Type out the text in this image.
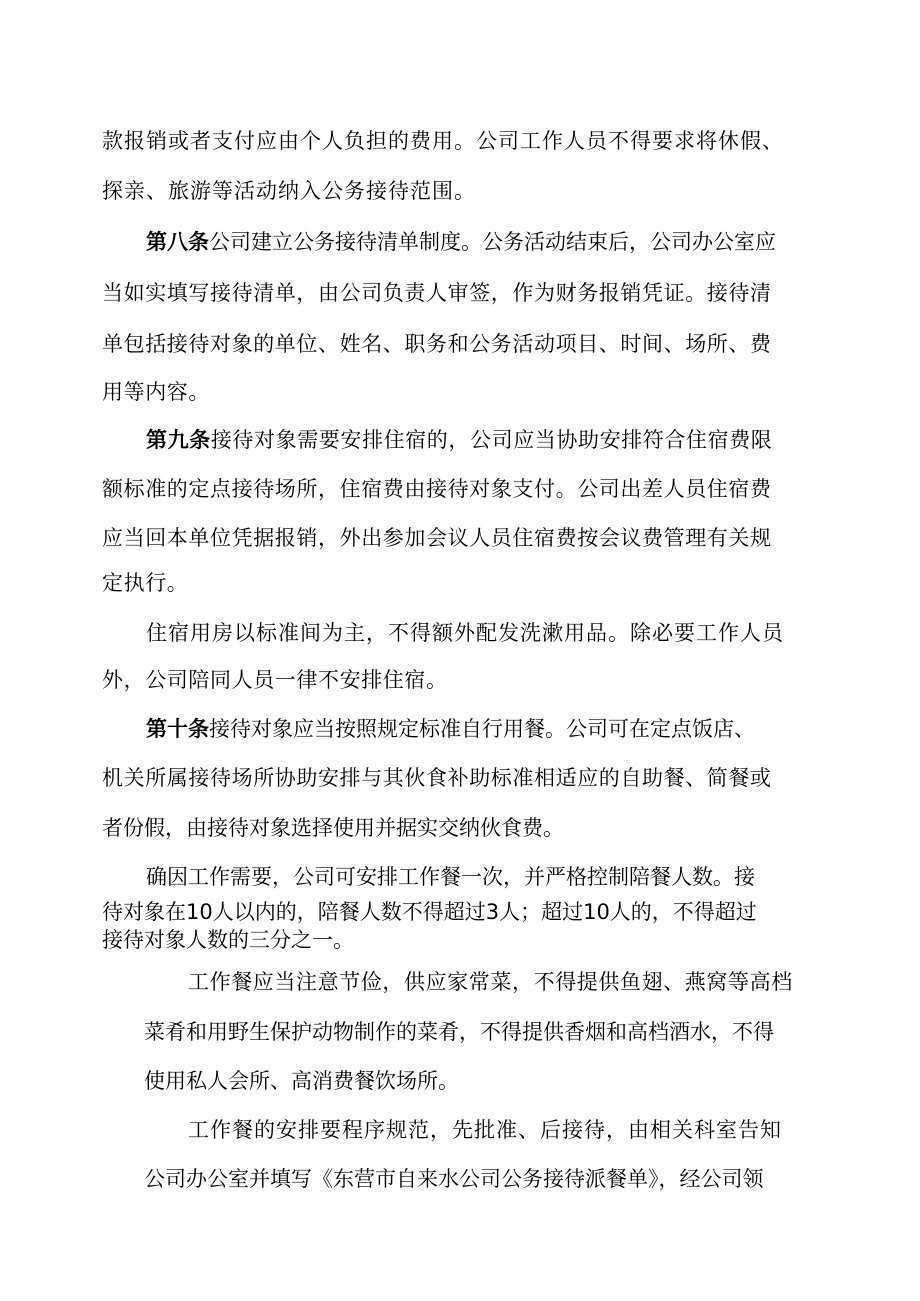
款报销或者支付应由个人负担的费用。公司工作人员不得要求将休假、
探亲、旅游等活动纳入公务接待范围。
第八条公司建立公务接待清单制度。公务活动结束后，公司办公室应
当如实填写接待清单，由公司负责人审签，作为财务报销凭证。接待清
单包括接待对象的单位、姓名、职务和公务活动项目、时间、场所、费
用等内容。
第九条接待对象需要安排住宿的，公司应当协助安排符合住宿费限
额标准的定点接待场所，住宿费由接待对象支付。公司出差人员住宿费
应当回本单位凭据报销，外出参加会议人员住宿费按会议费管理有关规
定执行。
住宿用房以标准间为主，不得额外配发洗漱用品。除必要工作人员
外，公司陪同人员一律不安排住宿。
第十条接待对象应当按照规定标准自行用餐。公司可在定点饭店、
机关所属接待场所协助安排与其伙食补助标准相适应的自助餐、简餐或
者份假，由接待对象选择使用并据实交纳伙食费。
确因工作需要，公司可安排工作餐一次，并严格控制陪餐人数。接
待对象在10人以内的，陪餐人数不得超过3人；超过10人的，不得超过
接待对象人数的三分之一。
工作餐应当注意节俭，供应家常菜，不得提供鱼翅、燕窝等高档
菜肴和用野生保护动物制作的菜肴，不得提供香烟和高档酒水，不得
使用私人会所、高消费餐饮场所。
工作餐的安排要程序规范，先批准、后接待，由相关科室告知
公司办公室并填写《东营市自来水公司公务接待派餐单》，经公司领
